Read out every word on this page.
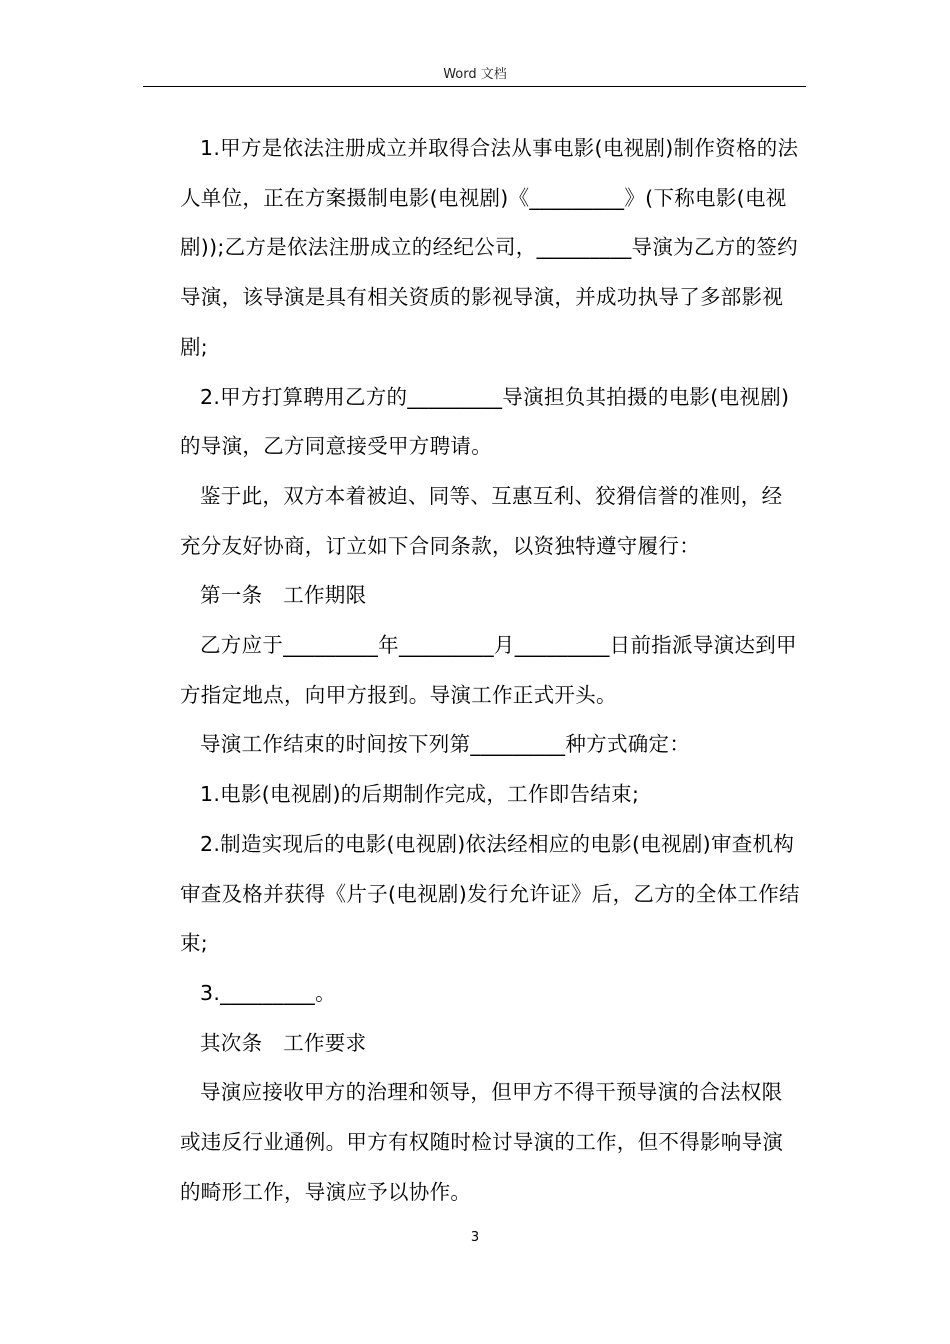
Word 文档

1.甲方是依法注册成立并取得合法从事电影(电视剧)制作资格的法人单位，正在方案摄制电影(电视剧)《_________》(下称电影(电视剧));乙方是依法注册成立的经纪公司，_________导演为乙方的签约导演，该导演是具有相关资质的影视导演，并成功执导了多部影视剧;

2.甲方打算聘用乙方的_________导演担负其拍摄的电影(电视剧)的导演，乙方同意接受甲方聘请。

鉴于此，双方本着被迫、同等、互惠互利、狡猾信誉的准则，经充分友好协商，订立如下合同条款，以资独特遵守履行：

第一条　工作期限

乙方应于_________年_________月_________日前指派导演达到甲方指定地点，向甲方报到。导演工作正式开头。

导演工作结束的时间按下列第_________种方式确定：

1.电影(电视剧)的后期制作完成，工作即告结束;

2.制造实现后的电影(电视剧)依法经相应的电影(电视剧)审查机构审查及格并获得《片子(电视剧)发行允许证》后，乙方的全体工作结束;

3._________。

其次条　工作要求

导演应接收甲方的治理和领导，但甲方不得干预导演的合法权限或违反行业通例。甲方有权随时检讨导演的工作，但不得影响导演的畸形工作，导演应予以协作。

3
